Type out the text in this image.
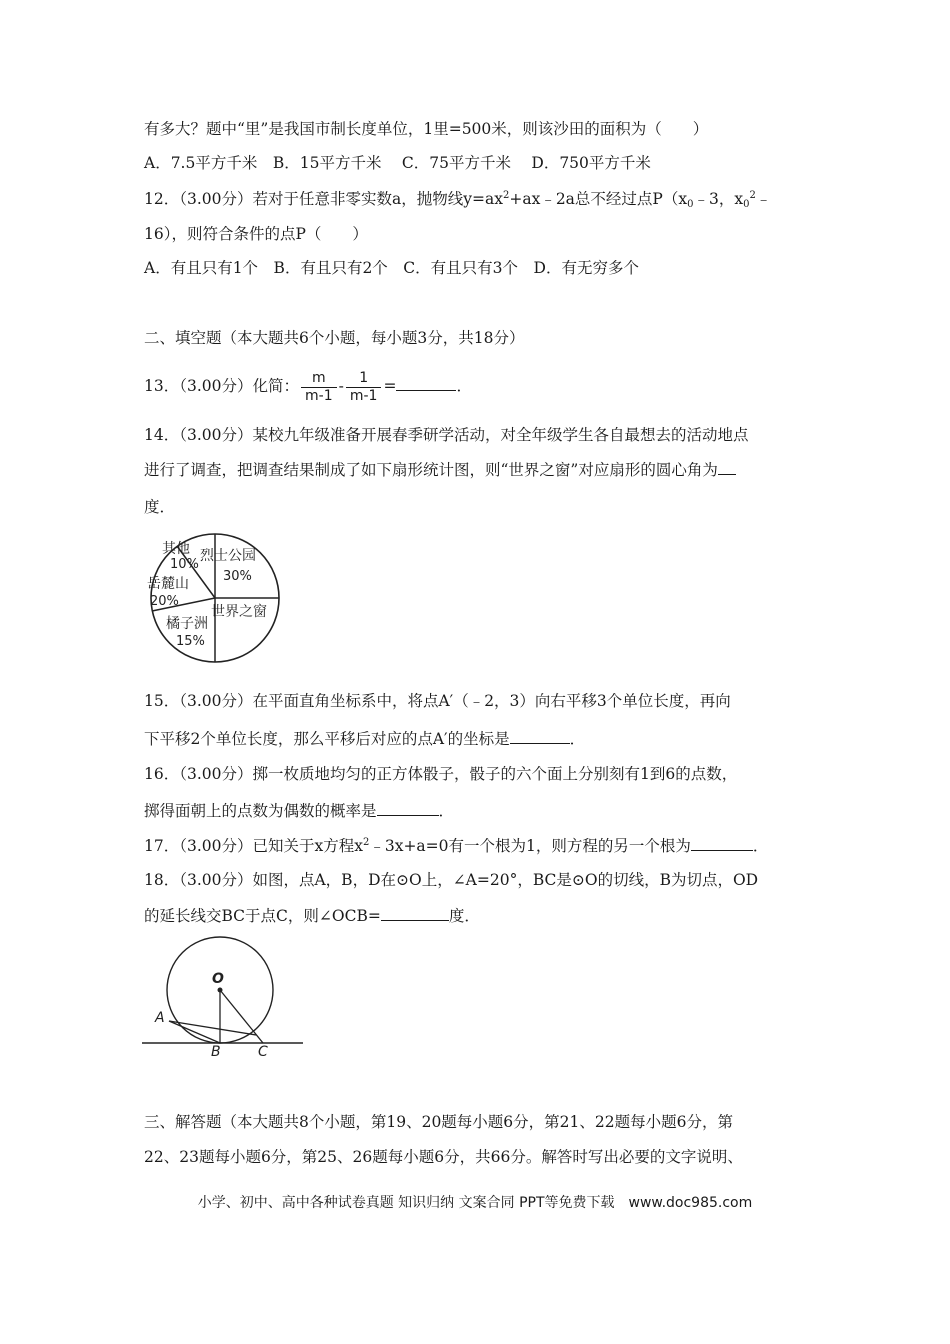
有多大？题中“里”是我国市制长度单位，1里=500米，则该沙田的面积为（　　）
A．7.5平方千米　B．15平方千米　 C．75平方千米　 D．750平方千米
12．（3.00分）若对于任意非零实数a，抛物线$y=ax^2+ax﹣2a$总不经过点P（x0﹣3，$x0^2﹣$
16），则符合条件的点P（　　）
A．有且只有1个　B．有且只有2个　C．有且只有3个　D．有无穷多个
二、填空题（本大题共6个小题，每小题3分，共18分）
13．（3.00分）化简： $\frac{m}{m-1} - \frac{1}{m-1}$ =	．
14．（3.00分）某校九年级准备开展春季研学活动，对全年级学生各自最想去的活动地点
进行了调查，把调查结果制成了如下扇形统计图，则“世界之窗”对应扇形的圆心角为
度．
其他
10%
烈士公园
30%
岳麓山
20%
世界之窗
橘子洲
15%
15．（3.00分）在平面直角坐标系中，将点A′（﹣2，3）向右平移3个单位长度，再向
下平移2个单位长度，那么平移后对应的点A′的坐标是	．
16．（3.00分）掷一枚质地均匀的正方体骰子，骰子的六个面上分别刻有1到6的点数，
掷得面朝上的点数为偶数的概率是	．
17．（3.00分）已知关于x方程$x^2﹣3x+a=0$有一个根为1，则方程的另一个根为	．
18．（3.00分）如图，点A，B，D在⊙O上，∠A=20°，BC是⊙O的切线，B为切点，OD
的延长线交BC于点C，则∠OCB=	度．
O
A
B	C
三、解答题（本大题共8个小题，第19、20题每小题6分，第21、22题每小题6分，第
22、23题每小题6分，第25、26题每小题6分，共66分。解答时写出必要的文字说明、
小学、初中、高中各种试卷真题 知识归纳 文案合同 PPT等免费下载　www.doc985.com
